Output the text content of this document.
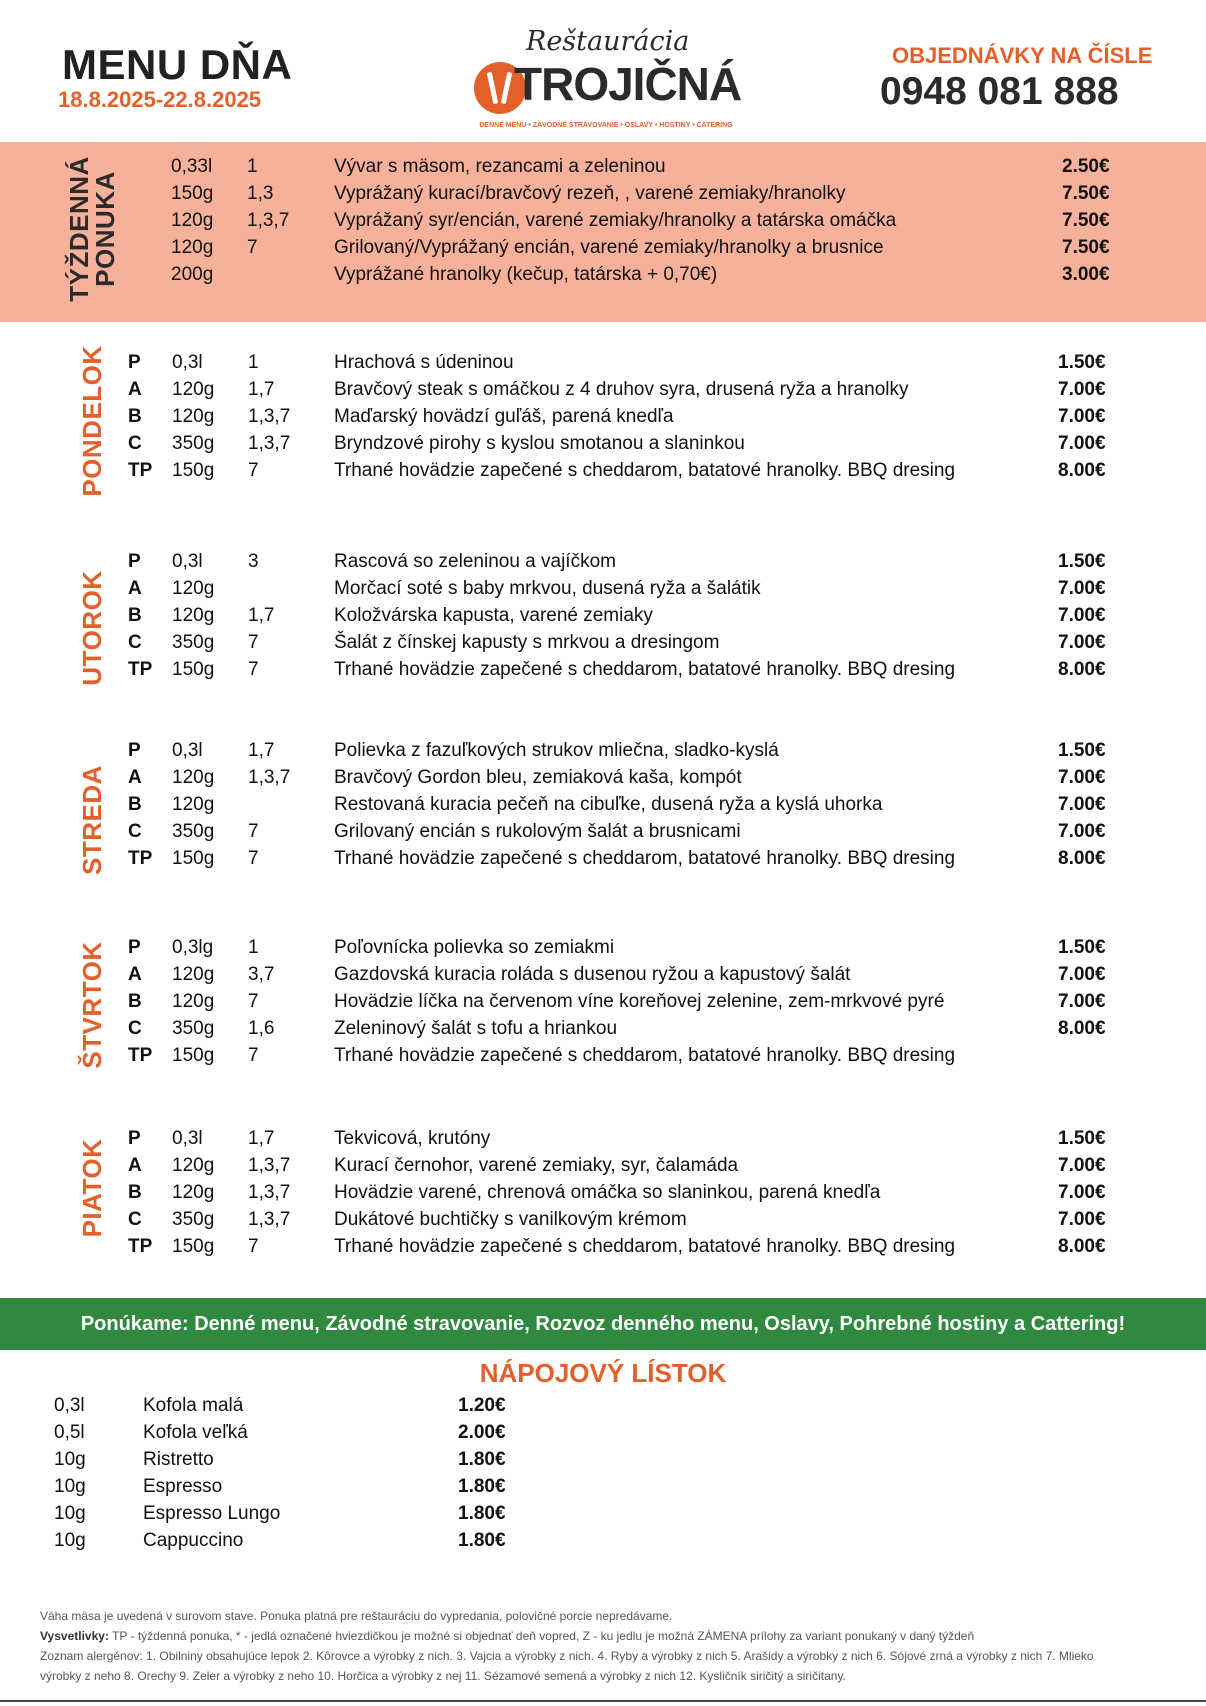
MENU DŇA
18.8.2025-22.8.2025
Reštaurácia
TROJIČNÁ
DENNÉ MENU • ZÁVODNÉ STRAVOVANIE • OSLAVY • HOSTINY • CATERING
OBJEDNÁVKY NA ČÍSLE
0948 081 888
TÝŽDENNÁ PONUKA
0,33l 1	Vývar s mäsom, rezancami a zeleninou	2.50€
150g 1,3	Vyprážaný kurací/bravčový rezeň, , varené zemiaky/hranolky	7.50€
120g 1,3,7 Vyprážaný syr/encián, varené zemiaky/hranolky a tatárska omáčka	7.50€
120g 7	Grilovaný/Vyprážaný encián, varené zemiaky/hranolky a brusnice	7.50€
200g	Vyprážané hranolky (kečup, tatárska + 0,70€)	3.00€
PONDELOK P 0,3l 1	Hrachová s údeninou	1.50€
A 120g 1,7	Bravčový steak s omáčkou z 4 druhov syra, drusená ryža a hranolky	7.00€
B 120g 1,3,7 Maďarský hovädzí guľáš, parená knedľa	7.00€
C 350g 1,3,7 Bryndzové pirohy s kyslou smotanou a slaninkou	7.00€
TP 150g 7	Trhané hovädzie zapečené s cheddarom, batatové hranolky. BBQ dresing	8.00€
UTOROK
P 0,3l 3	Rascová so zeleninou a vajíčkom	1.50€
A 120g	Morčací soté s baby mrkvou, dusená ryža a šalátik	7.00€
B 120g 1,7	Koložvárska kapusta, varené zemiaky	7.00€
C 350g 7	Šalát z čínskej kapusty s mrkvou a dresingom	7.00€
TP 150g 7	Trhané hovädzie zapečené s cheddarom, batatové hranolky. BBQ dresing	8.00€
STREDA
P 0,3l 1,7	Polievka z fazuľkových strukov mliečna, sladko-kyslá	1.50€
A 120g 1,3,7 Bravčový Gordon bleu, zemiaková kaša, kompót	7.00€
B 120g	Restovaná kuracia pečeň na cibuľke, dusená ryža a kyslá uhorka	7.00€
C 350g 7	Grilovaný encián s rukolovým šalát a brusnicami	7.00€
TP 150g 7	Trhané hovädzie zapečené s cheddarom, batatové hranolky. BBQ dresing	8.00€
ŠTVRTOK P 0,3lg 1	Poľovnícka polievka so zemiakmi	1.50€
A 120g 3,7	Gazdovská kuracia roláda s dusenou ryžou a kapustový šalát	7.00€
B 120g 7	Hovädzie líčka na červenom víne koreňovej zelenine, zem-mrkvové pyré	7.00€
C 350g 1,6	Zeleninový šalát s tofu a hriankou	8.00€
TP 150g 7	Trhané hovädzie zapečené s cheddarom, batatové hranolky. BBQ dresing
PIATOK
P 0,3l 1,7	Tekvicová, krutóny	1.50€
A 120g 1,3,7 Kurací černohor, varené zemiaky, syr, čalamáda	7.00€
B 120g 1,3,7 Hovädzie varené, chrenová omáčka so slaninkou, parená knedľa	7.00€
C 350g 1,3,7 Dukátové buchtičky s vanilkovým krémom	7.00€
TP 150g 7	Trhané hovädzie zapečené s cheddarom, batatové hranolky. BBQ dresing	8.00€
Ponúkame: Denné menu, Závodné stravovanie, Rozvoz denného menu, Oslavy, Pohrebné hostiny a Cattering!
NÁPOJOVÝ LÍSTOK
0,3l	Kofola malá	1.20€
0,5l	Kofola veľká	2.00€
10g	Ristretto	1.80€
10g	Espresso	1.80€
10g	Espresso Lungo	1.80€
10g	Cappuccino	1.80€
Váha mäsa je uvedená v surovom stave. Ponuka platná pre reštauráciu do vypredania, polovičné porcie nepredávame.
Vysvetlivky: TP - týždenná ponuka, * - jedlá označené hviezdičkou je možné si objednať deň vopred, Z - ku jedlu je možná ZÁMENA prílohy za variant ponukaný v daný týždeň
Zoznam alergénov: 1. Obilniny obsahujúce lepok 2. Kôrovce a výrobky z nich. 3. Vajcia a výrobky z nich. 4. Ryby a výrobky z nich 5. Arašidy a výrobky z nich 6. Sójové zrná a výrobky z nich 7. Mlieko
výrobky z neho 8. Orechy 9. Zeler a výrobky z neho 10. Horčica a výrobky z nej 11. Sézamové semená a výrobky z nich 12. Kysličník siričitý a siričitany.
